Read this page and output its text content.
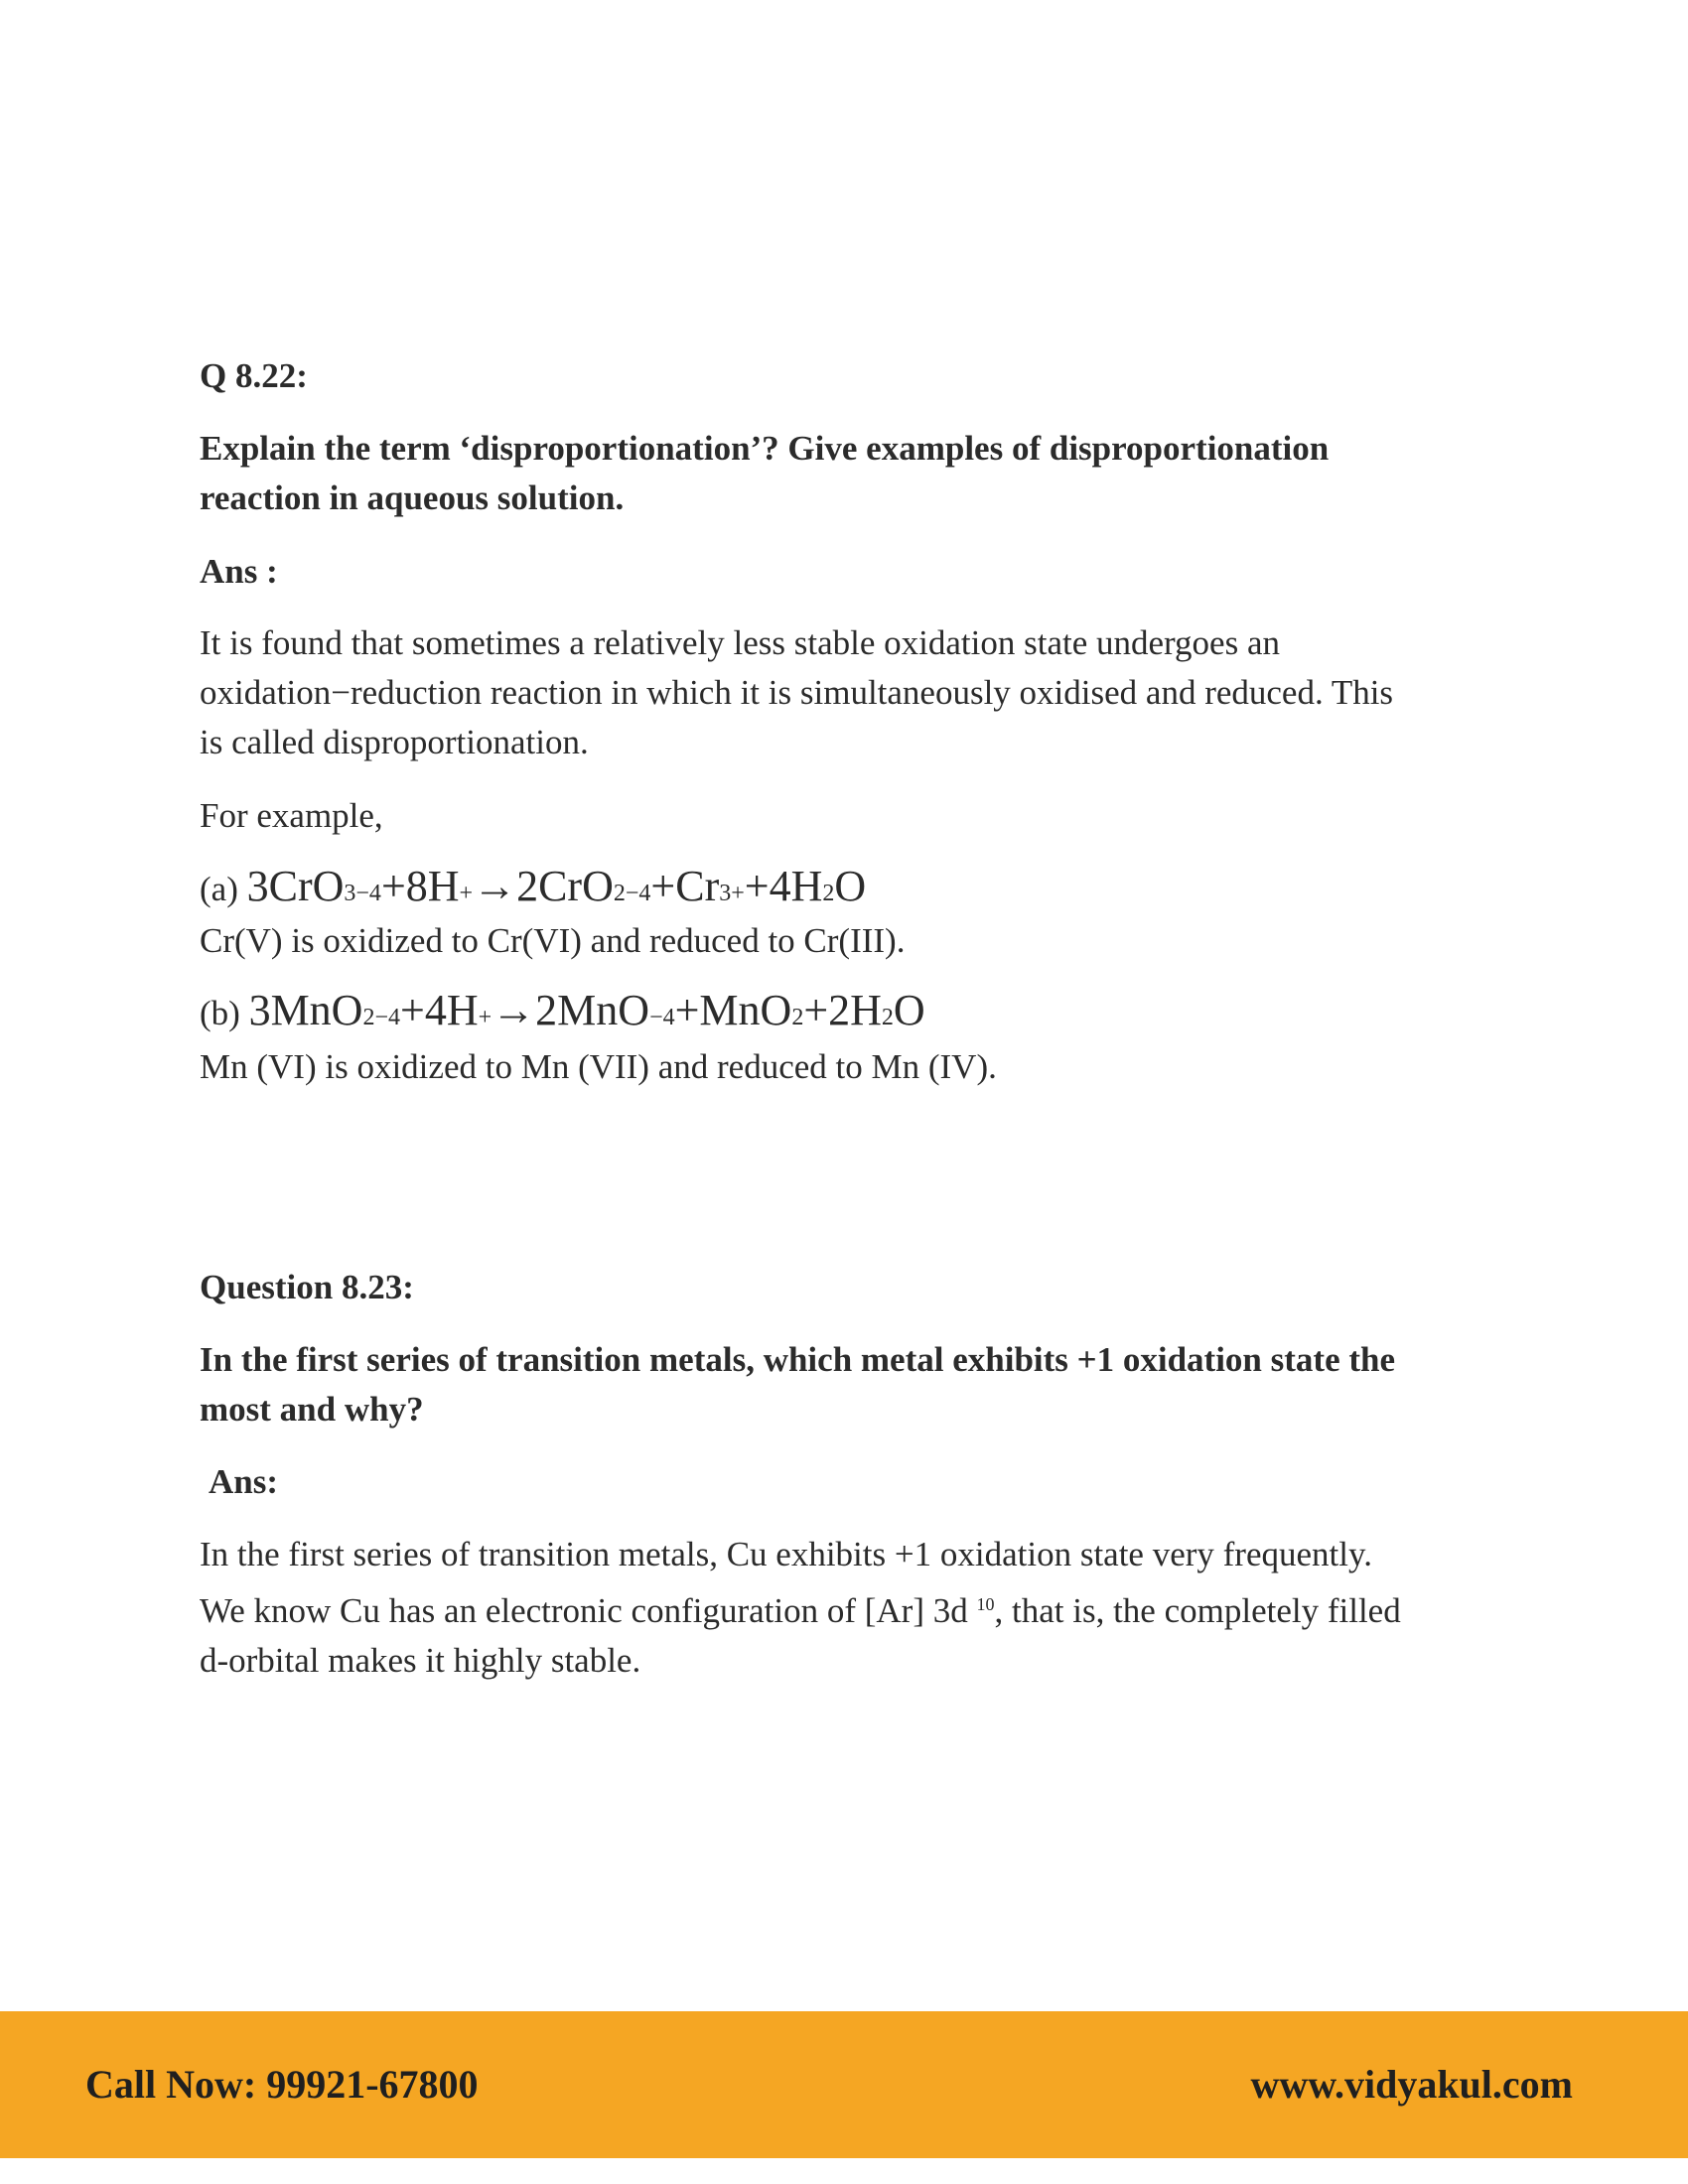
Q 8.22:

Explain the term ‘disproportionation’? Give examples of disproportionation
reaction in aqueous solution.

Ans :

It is found that sometimes a relatively less stable oxidation state undergoes an
oxidation−reduction reaction in which it is simultaneously oxidised and reduced. This
is called disproportionation.

For example,

(a) 3CrO3−4+8H+→2CrO2−4+Cr3++4H2O

Cr(V) is oxidized to Cr(VI) and reduced to Cr(III).

(b) 3MnO2−4+4H+→2MnO−4+MnO2+2H2O

Mn (VI) is oxidized to Mn (VII) and reduced to Mn (IV).

Question 8.23:

In the first series of transition metals, which metal exhibits +1 oxidation state the
most and why?

Ans:

In the first series of transition metals, Cu exhibits +1 oxidation state very frequently.
We know Cu has an electronic configuration of [Ar] 3d $^{10}$, that is, the completely filled
d-orbital makes it highly stable.
Call Now: 99921-67800	www.vidyakul.com
